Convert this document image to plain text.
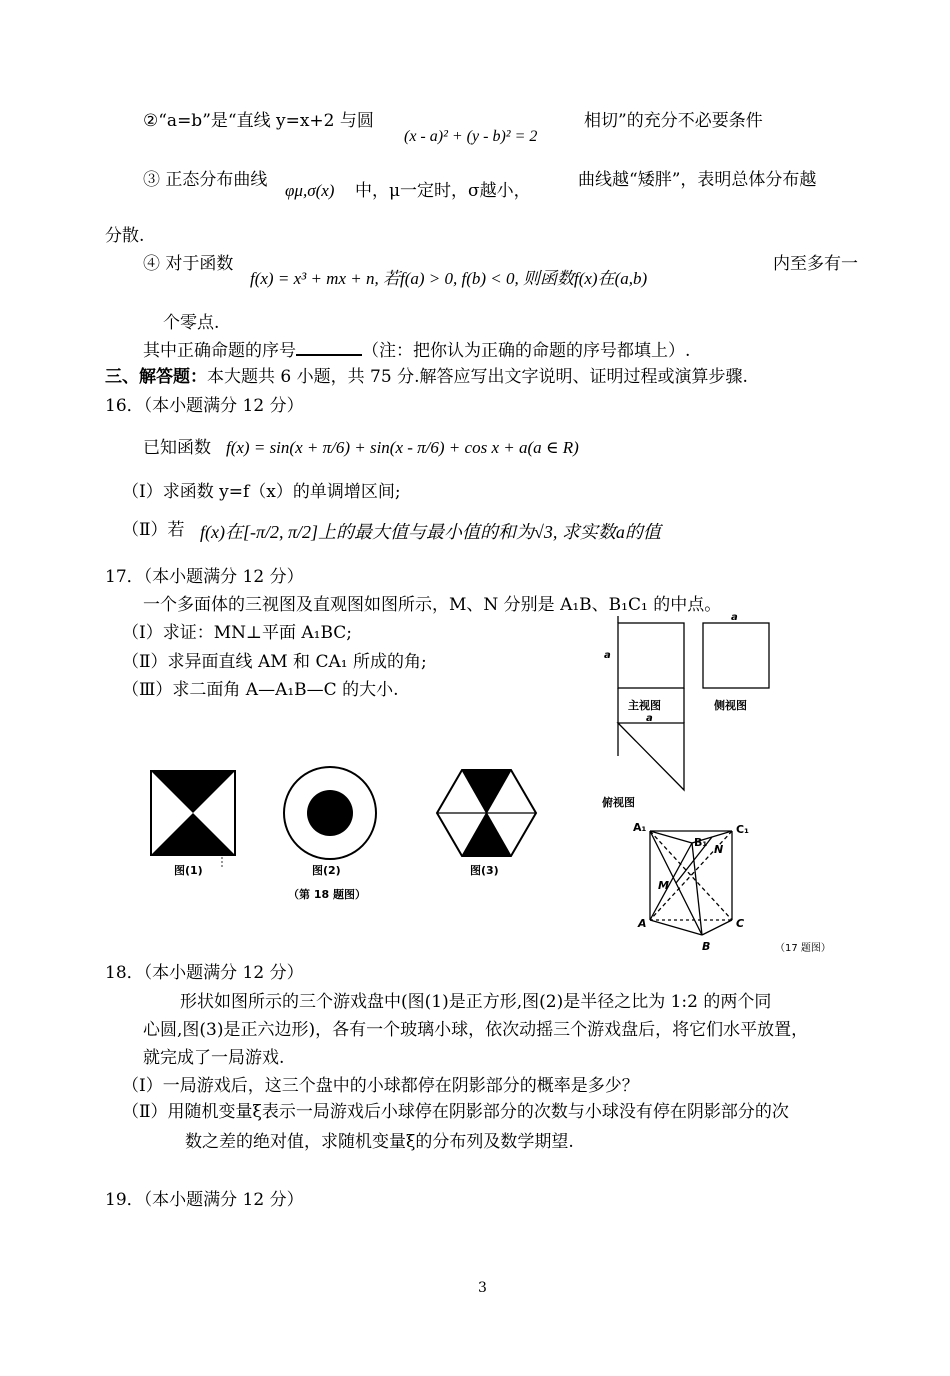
②“a=b”是“直线 y=x+2 与圆
(x - a)² + (y - b)² = 2
相切”的充分不必要条件
③ 正态分布曲线
φμ,σ(x) 中，μ一定时，σ越小，
曲线越“矮胖”，表明总体分布越
分散.
④ 对于函数
f(x) = x³ + mx + n, 若f(a) > 0, f(b) < 0, 则函数f(x)在(a,b)
内至多有一
个零点.
其中正确命题的序号	（注：把你认为正确的命题的序号都填上）.
三、解答题：本大题共 6 小题，共 75 分.解答应写出文字说明、证明过程或演算步骤.
16．（本小题满分 12 分）
已知函数 f(x) = sin(x + π/6) + sin(x - π/6) + cos x + a(a ∈ R)
（I）求函数 y=f（x）的单调增区间;
（Ⅱ）若 f(x)在[-π/2, π/2]上的最大值与最小值的和为√3, 求实数a的值
17．（本小题满分 12 分）
一个多面体的三视图及直观图如图所示，M、N 分别是 A₁B、B₁C₁ 的中点。
（Ⅰ）求证：MN⊥平面 A₁BC;
（Ⅱ）求异面直线 AM 和 CA₁ 所成的角;
（Ⅲ）求二面角 A—A₁B—C 的大小.
a
a
a
主视图	侧视图
俯视图
A₁
B₁
C₁
N
M
A
B
C
（17 题图）
图(1)	图(2)	图(3)
（第 18 题图）
18．（本小题满分 12 分）
形状如图所示的三个游戏盘中(图(1)是正方形,图(2)是半径之比为 1:2 的两个同
心圆,图(3)是正六边形)，各有一个玻璃小球，依次动摇三个游戏盘后，将它们水平放置，
就完成了一局游戏.
（Ⅰ）一局游戏后，这三个盘中的小球都停在阴影部分的概率是多少？
（Ⅱ）用随机变量ξ表示一局游戏后小球停在阴影部分的次数与小球没有停在阴影部分的次
数之差的绝对值，求随机变量ξ的分布列及数学期望.
19．（本小题满分 12 分）
3
